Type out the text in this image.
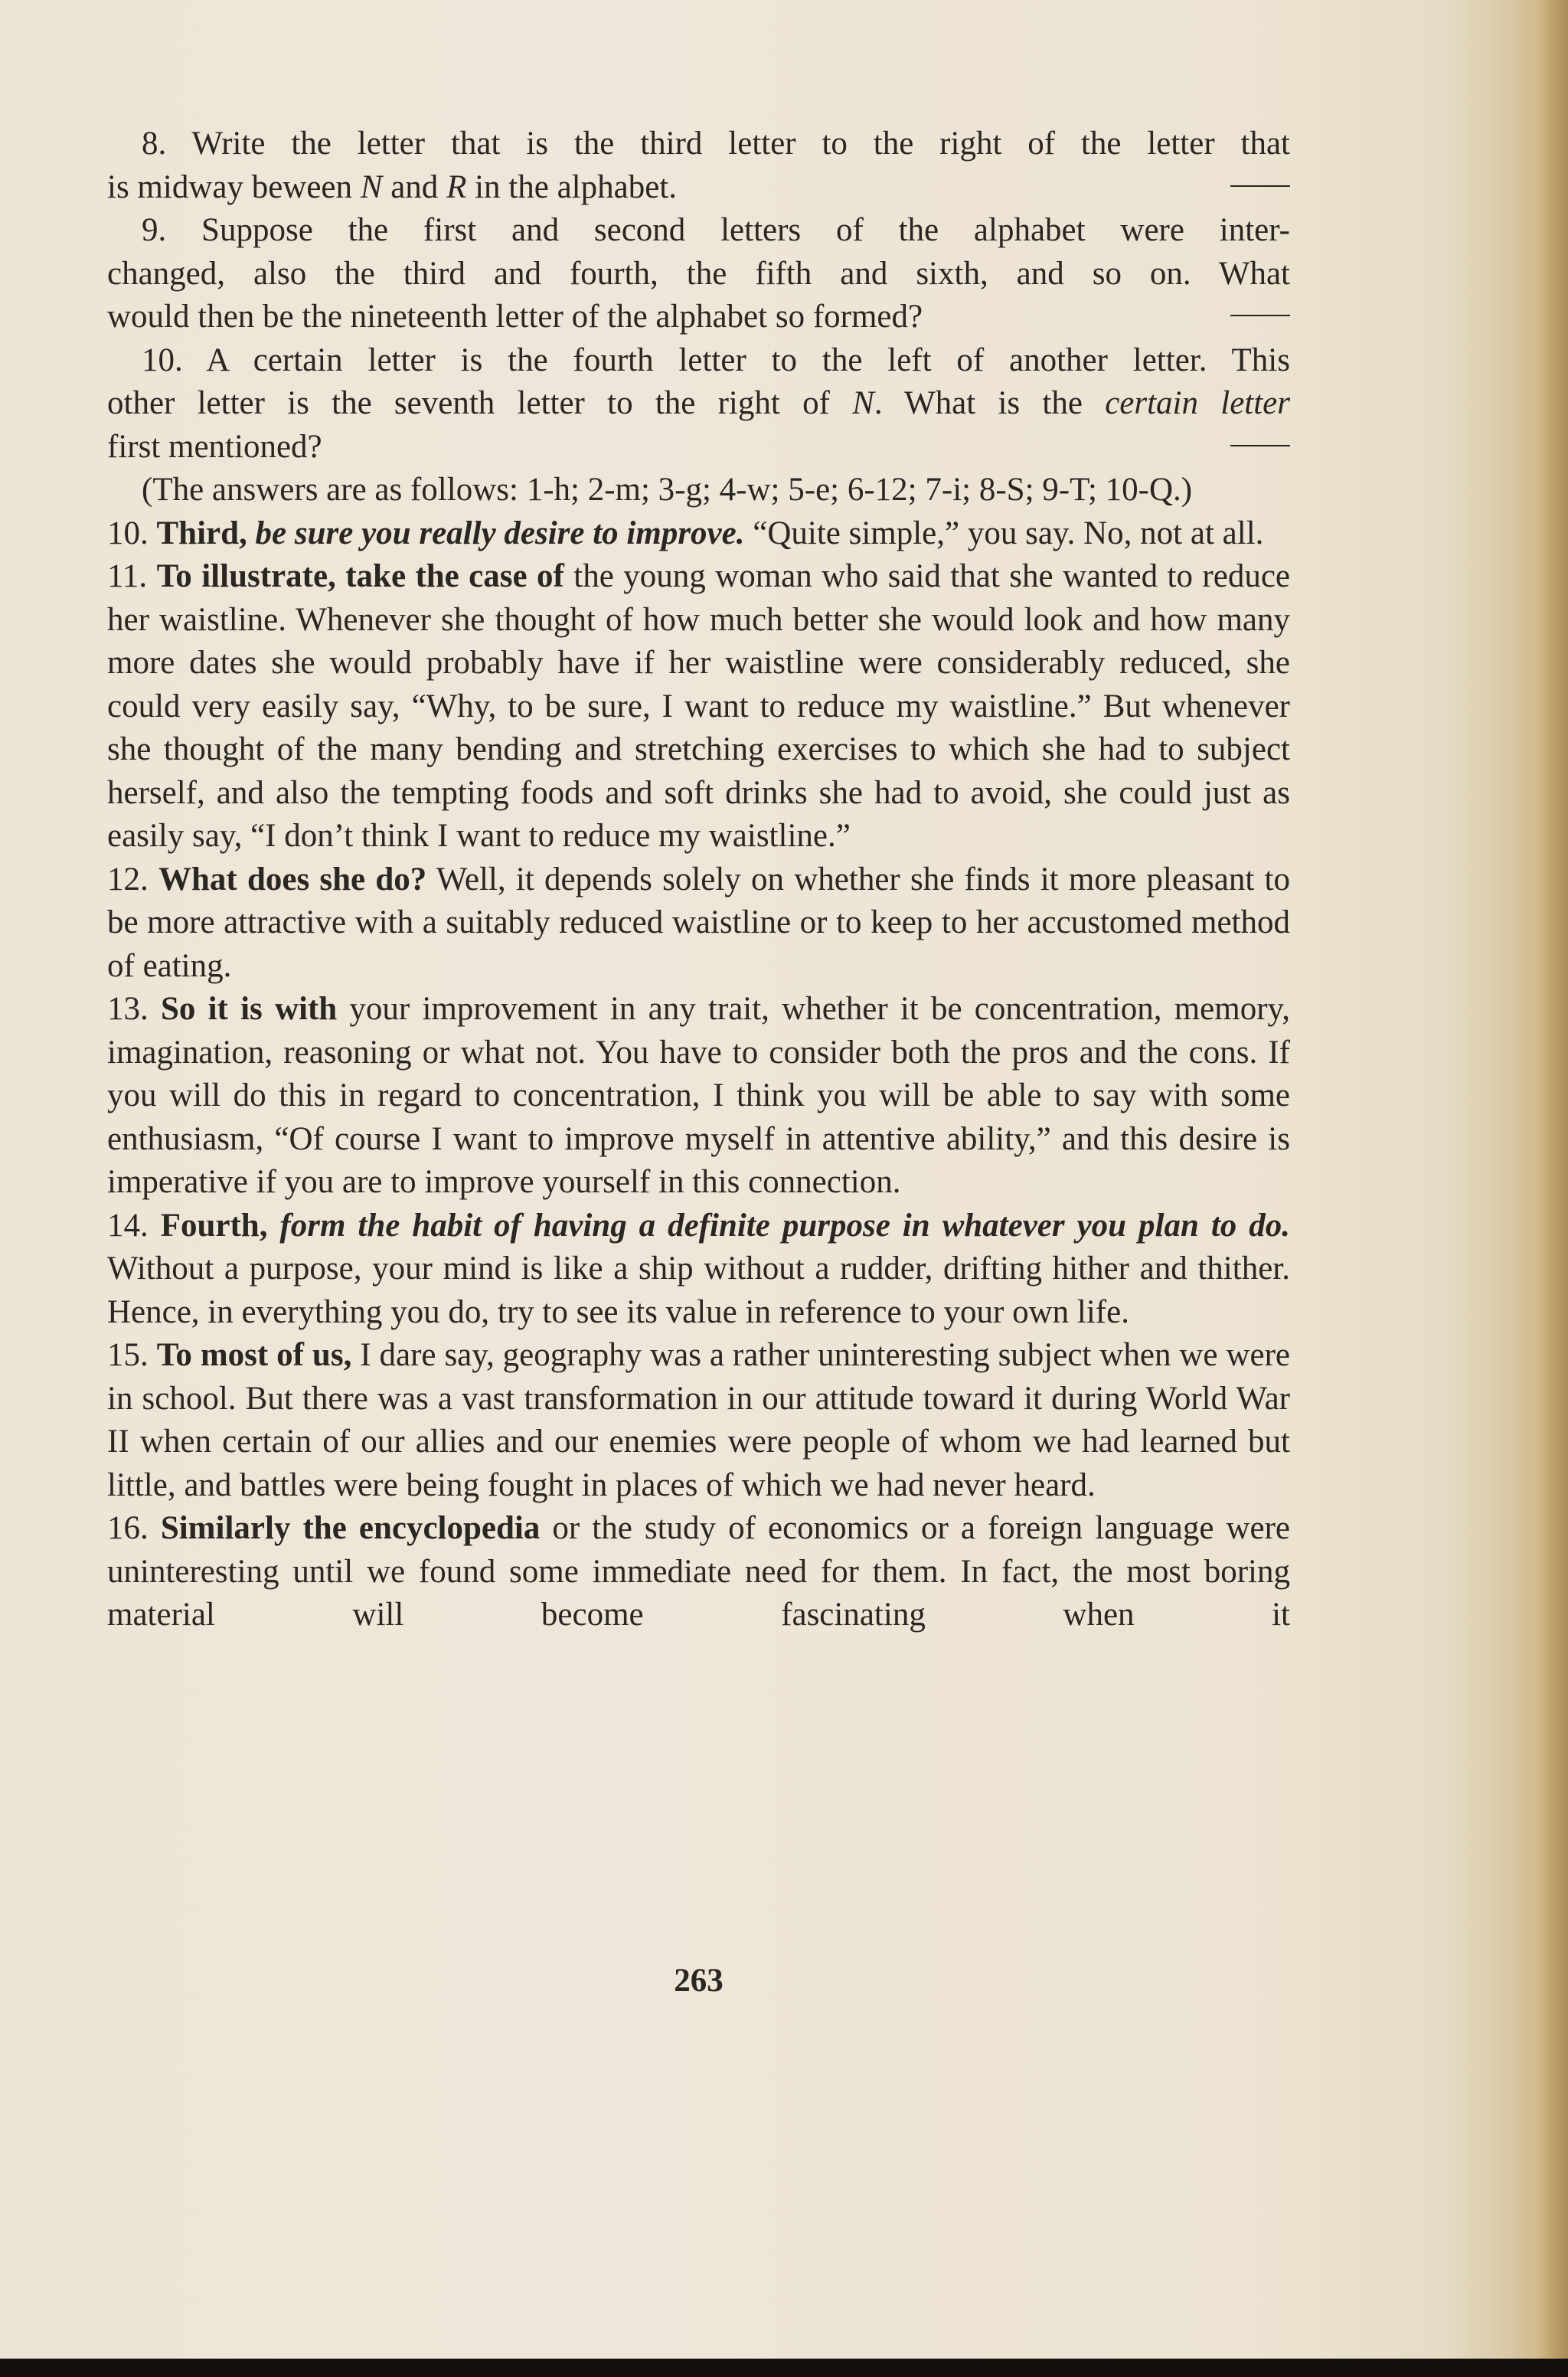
8. Write the letter that is the third letter to the right of the letter that
is midway beween N and R in the alphabet.
9. Suppose the first and second letters of the alphabet were inter-
changed, also the third and fourth, the fifth and sixth, and so on. What
would then be the nineteenth letter of the alphabet so formed?
10. A certain letter is the fourth letter to the left of another letter. This
other letter is the seventh letter to the right of N. What is the certain letter
first mentioned?

(The answers are as follows: 1-h; 2-m; 3-g; 4-w; 5-e; 6-12; 7-i; 8-S; 9-T; 10-Q.)

10. Third, be sure you really desire to improve. “Quite simple,” you say. No, not at all.

11. To illustrate, take the case of the young woman who said that she wanted to reduce her waistline. Whenever she thought of how much better she would look and how many more dates she would probably have if her waistline were considerably reduced, she could very easily say, “Why, to be sure, I want to reduce my waistline.” But whenever she thought of the many bending and stretching exercises to which she had to subject herself, and also the tempting foods and soft drinks she had to avoid, she could just as easily say, “I don’t think I want to reduce my waistline.”

12. What does she do? Well, it depends solely on whether she finds it more pleasant to be more attractive with a suitably reduced waistline or to keep to her accustomed method of eating.

13. So it is with your improvement in any trait, whether it be concentration, memory, imagination, reasoning or what not. You have to consider both the pros and the cons. If you will do this in regard to concentration, I think you will be able to say with some enthusiasm, “Of course I want to improve myself in attentive ability,” and this desire is imperative if you are to improve yourself in this connection.

14. Fourth, form the habit of having a definite purpose in whatever you plan to do. Without a purpose, your mind is like a ship without a rudder, drifting hither and thither. Hence, in everything you do, try to see its value in reference to your own life.

15. To most of us, I dare say, geography was a rather uninteresting subject when we were in school. But there was a vast transformation in our attitude toward it during World War II when certain of our allies and our enemies were people of whom we had learned but little, and battles were being fought in places of which we had never heard.

16. Similarly the encyclopedia or the study of economics or a foreign language were uninteresting until we found some immediate need for them. In fact, the most boring material will become fascinating when it

263
